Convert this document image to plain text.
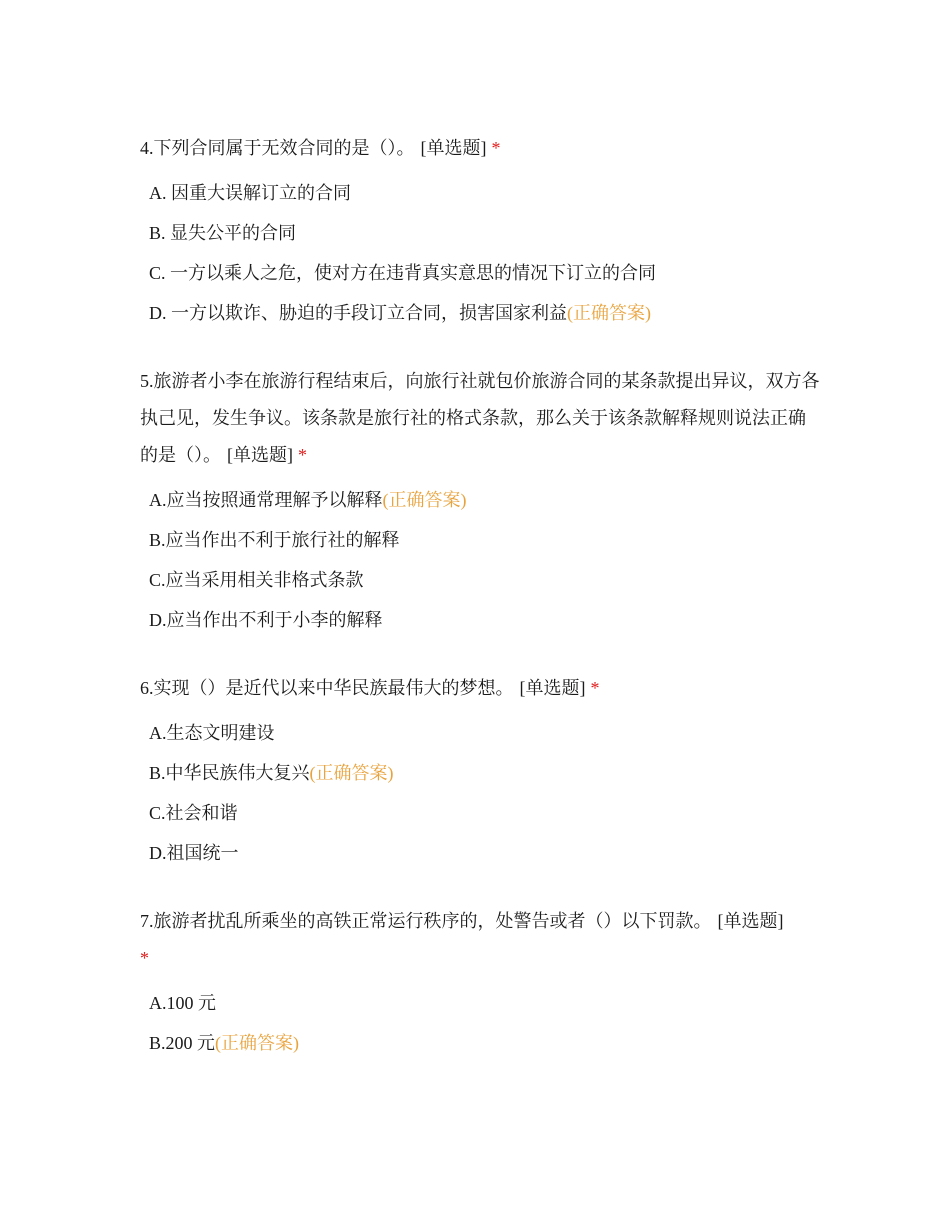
4.下列合同属于无效合同的是（）。 [单选题] *
A. 因重大误解订立的合同
B. 显失公平的合同
C. 一方以乘人之危，使对方在违背真实意思的情况下订立的合同
D. 一方以欺诈、胁迫的手段订立合同，损害国家利益(正确答案)
5.旅游者小李在旅游行程结束后，向旅行社就包价旅游合同的某条款提出异议，双方各执己见，发生争议。该条款是旅行社的格式条款，那么关于该条款解释规则说法正确的是（）。 [单选题] *
A.应当按照通常理解予以解释(正确答案)
B.应当作出不利于旅行社的解释
C.应当采用相关非格式条款
D.应当作出不利于小李的解释
6.实现（）是近代以来中华民族最伟大的梦想。 [单选题] *
A.生态文明建设
B.中华民族伟大复兴(正确答案)
C.社会和谐
D.祖国统一
7.旅游者扰乱所乘坐的高铁正常运行秩序的，处警告或者（）以下罚款。 [单选题]
*
A.100 元
B.200 元(正确答案)
